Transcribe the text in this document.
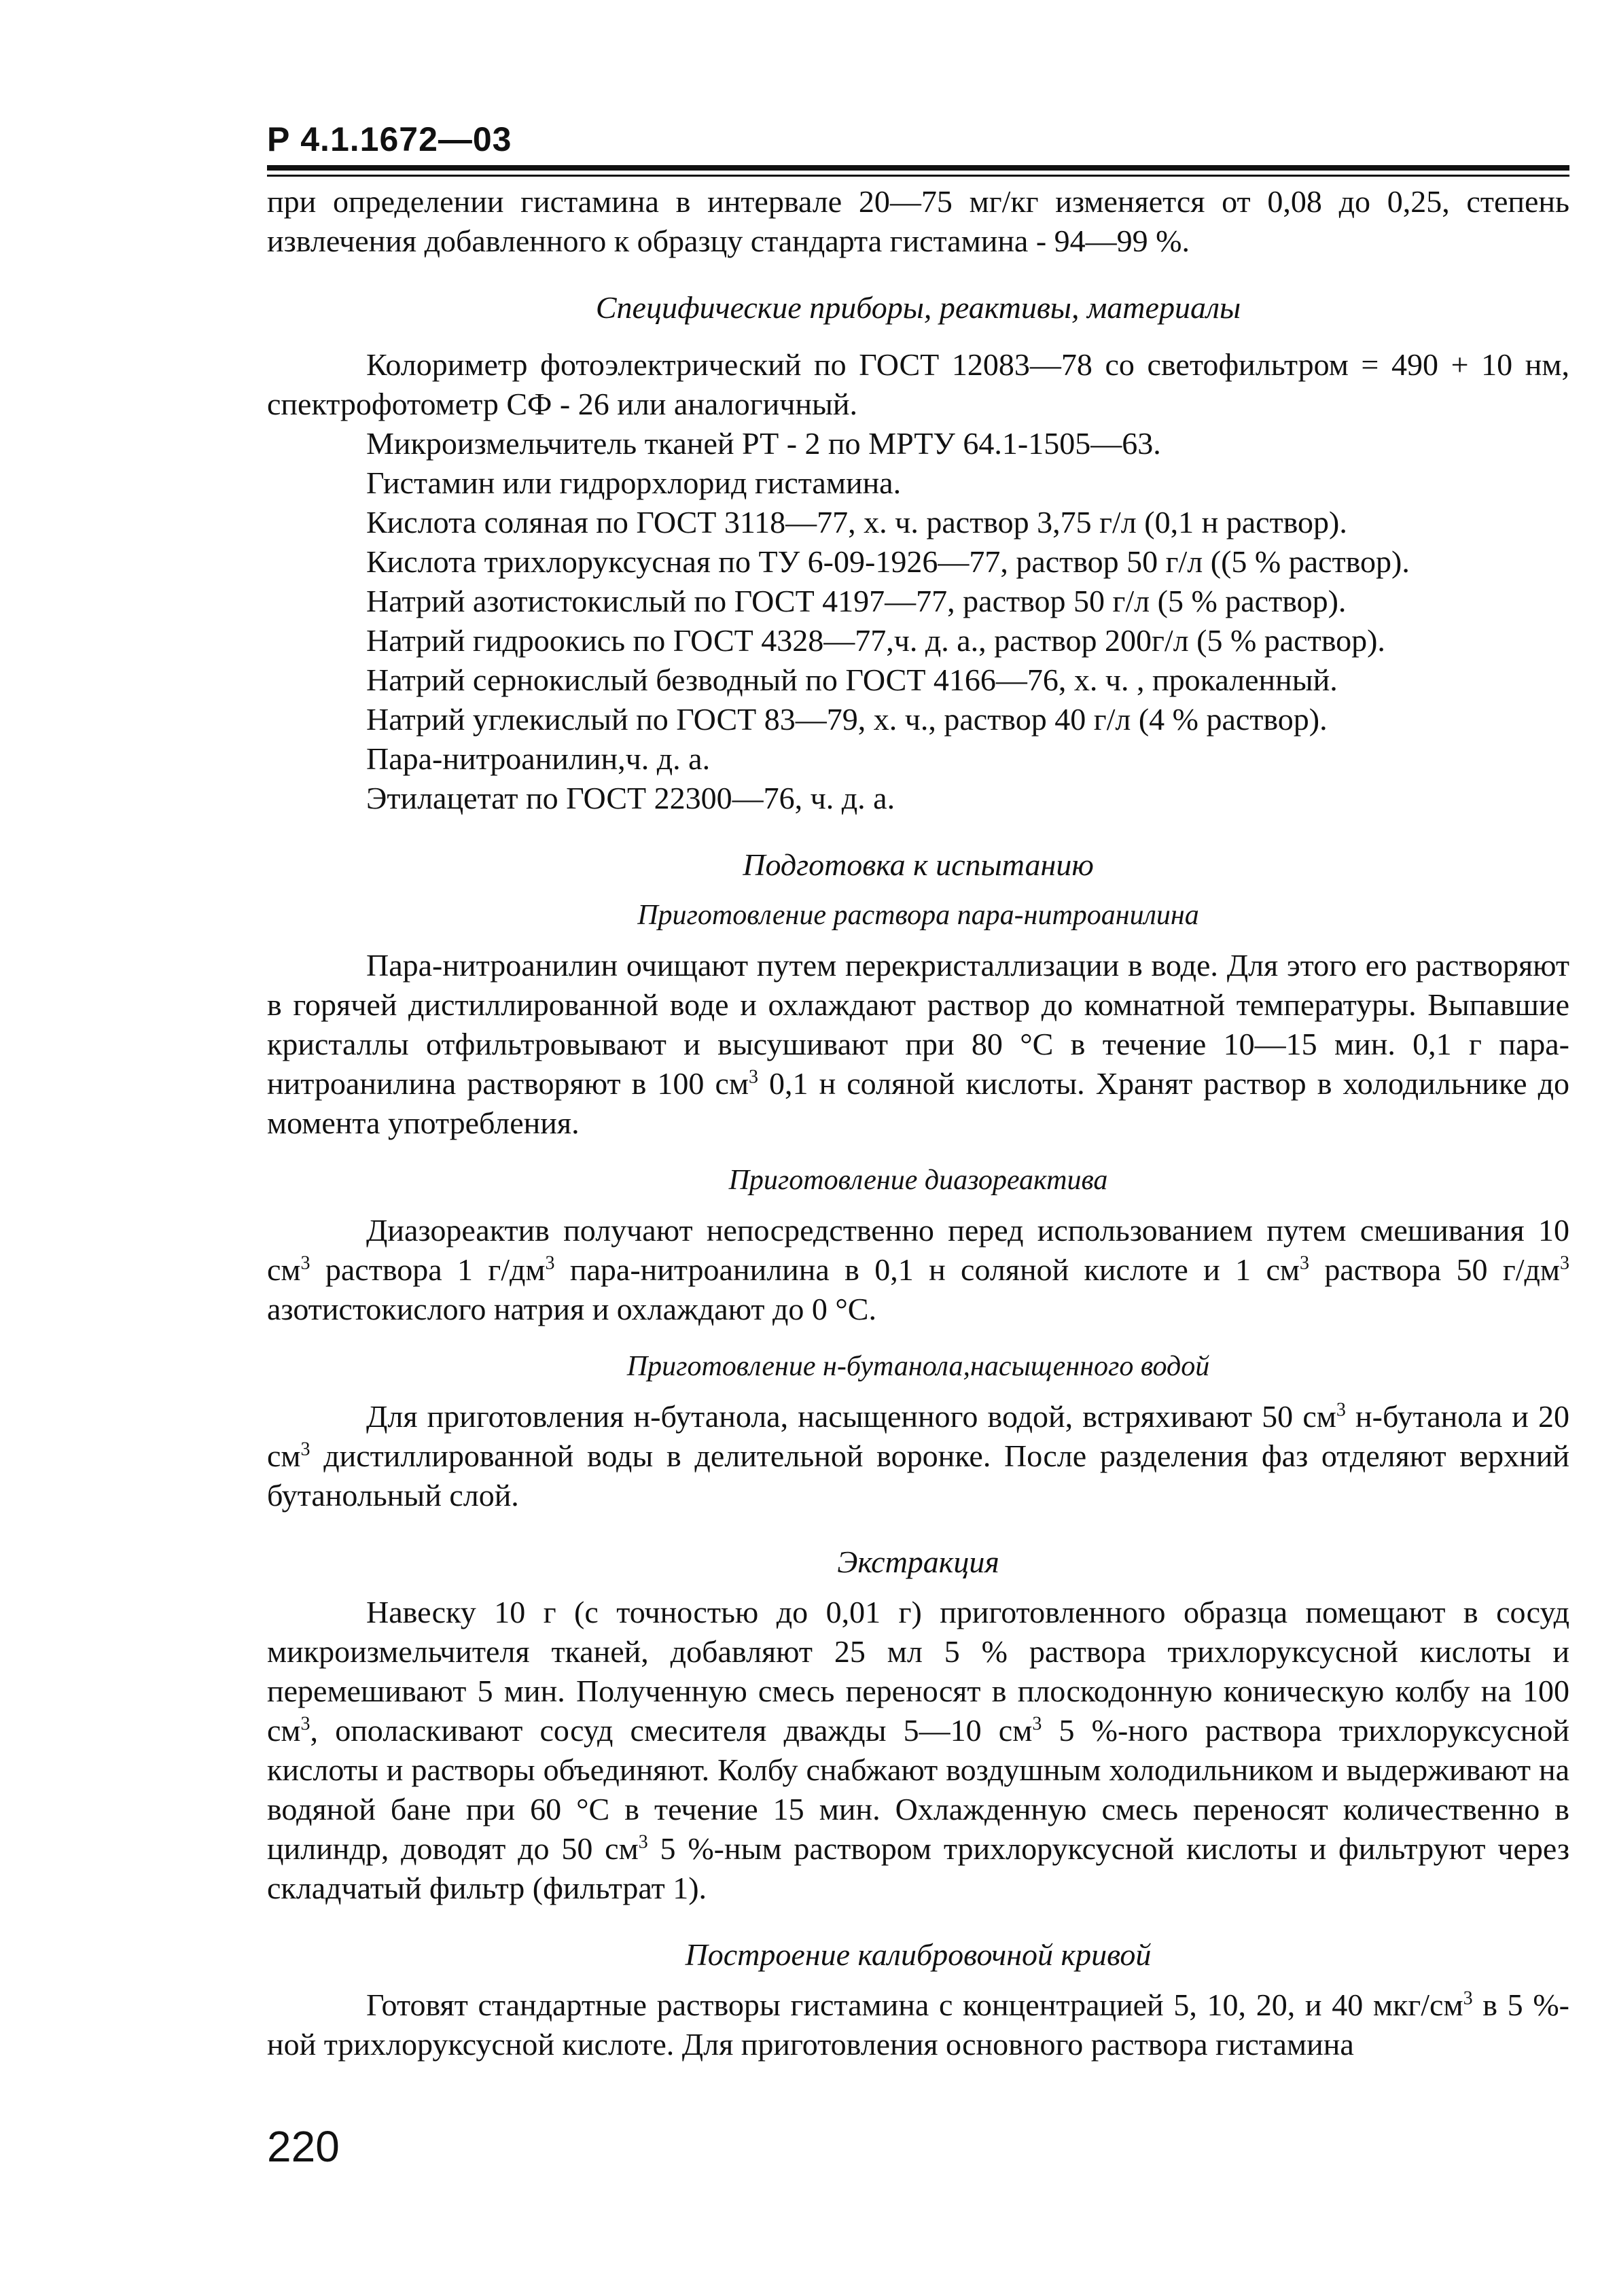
Р 4.1.1672—03

при определении гистамина в интервале 20—75 мг/кг изменяется от 0,08 до 0,25, степень извлечения добавленного к образцу стандарта гистамина - 94—99 %.

Специфические приборы, реактивы, материалы

Колориметр фотоэлектрический по ГОСТ 12083—78 со светофильтром = 490 + 10 нм, спектрофотометр СФ - 26 или аналогичный.

Микроизмельчитель тканей РТ - 2 по МРТУ 64.1-1505—63.

Гистамин или гидрорхлорид гистамина.

Кислота соляная по ГОСТ 3118—77, х. ч. раствор 3,75 г/л (0,1 н раствор).

Кислота трихлоруксусная по ТУ 6-09-1926—77, раствор 50 г/л ((5 % раствор).

Натрий азотистокислый по ГОСТ 4197—77, раствор 50 г/л (5 % раствор).

Натрий гидроокись по ГОСТ 4328—77,ч. д. а., раствор 200г/л (5 % раствор).

Натрий сернокислый безводный по ГОСТ 4166—76, х. ч. , прокаленный.

Натрий углекислый по ГОСТ 83—79, х. ч., раствор 40 г/л (4 % раствор).

Пара-нитроанилин,ч. д. а.

Этилацетат по ГОСТ 22300—76, ч. д. а.

Подготовка к испытанию

Приготовление раствора пара-нитроанилина

Пара-нитроанилин очищают путем перекристаллизации в воде. Для этого его растворяют в горячей дистиллированной воде и охлаждают раствор до комнатной температуры. Выпавшие кристаллы отфильтровывают и высушивают при 80 °С в течение 10—15 мин. 0,1 г пара-нитроанилина растворяют в 100 $см^3$ 0,1 н соляной кислоты. Хранят раствор в холодильнике до момента употребления.

Приготовление диазореактива

Диазореактив получают непосредственно перед использованием путем смешивания 10 $см^3$ раствора 1 $г/дм^3$ пара-нитроанилина в 0,1 н соляной кислоте и 1 $см^3$ раствора 50 $г/дм^3$ азотистокислого натрия и охлаждают до 0 °С.

Приготовление н-бутанола,насыщенного водой

Для приготовления н-бутанола, насыщенного водой, встряхивают 50 $см^3$ н-бутанола и 20 $см^3$ дистиллированной воды в делительной воронке. После разделения фаз отделяют верхний бутанольный слой.

Экстракция

Навеску 10 г (с точностью до 0,01 г) приготовленного образца помещают в сосуд микроизмельчителя тканей, добавляют 25 мл 5 % раствора трихлоруксусной кислоты и перемешивают 5 мин. Полученную смесь переносят в плоскодонную коническую колбу на 100 $см^3$, ополаскивают сосуд смесителя дважды 5—10 $см^3$ 5 %-ного раствора трихлоруксусной кислоты и растворы объединяют. Колбу снабжают воздушным холодильником и выдерживают на водяной бане при 60 °С в течение 15 мин. Охлажденную смесь переносят количественно в цилиндр, доводят до 50 $см^3$ 5 %-ным раствором трихлоруксусной кислоты и фильтруют через складчатый фильтр (фильтрат 1).

Построение калибровочной кривой

Готовят стандартные растворы гистамина с концентрацией 5, 10, 20, и 40 мкг/$см^3$ в 5 %-ной трихлоруксусной кислоте. Для приготовления основного раствора гистамина

220
